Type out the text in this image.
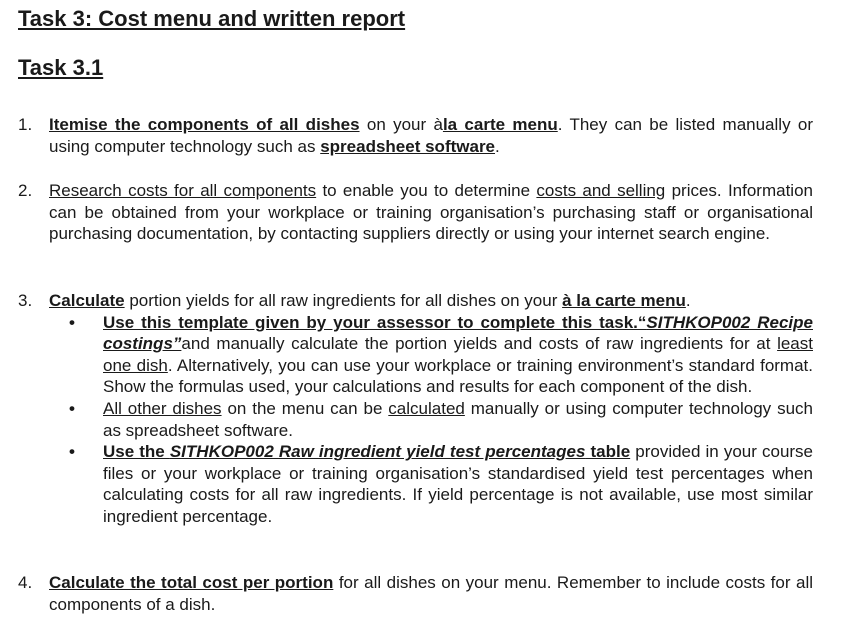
Task 3: Cost menu and written report
Task 3.1
1. Itemise the components of all dishes on your àla carte menu. They can be listed manually or using computer technology such as spreadsheet software.
2. Research costs for all components to enable you to determine costs and selling prices. Information can be obtained from your workplace or training organisation’s purchasing staff or organisational purchasing documentation, by contacting suppliers directly or using your internet search engine.
3. Calculate portion yields for all raw ingredients for all dishes on your à la carte menu.
• Use this template given by your assessor to complete this task.“SITHKOP002 Recipe costings”and manually calculate the portion yields and costs of raw ingredients for at least one dish. Alternatively, you can use your workplace or training environment’s standard format. Show the formulas used, your calculations and results for each component of the dish.
• All other dishes on the menu can be calculated manually or using computer technology such as spreadsheet software.
• Use the SITHKOP002 Raw ingredient yield test percentages table provided in your course files or your workplace or training organisation’s standardised yield test percentages when calculating costs for all raw ingredients. If yield percentage is not available, use most similar ingredient percentage.
4. Calculate the total cost per portion for all dishes on your menu. Remember to include costs for all components of a dish.
